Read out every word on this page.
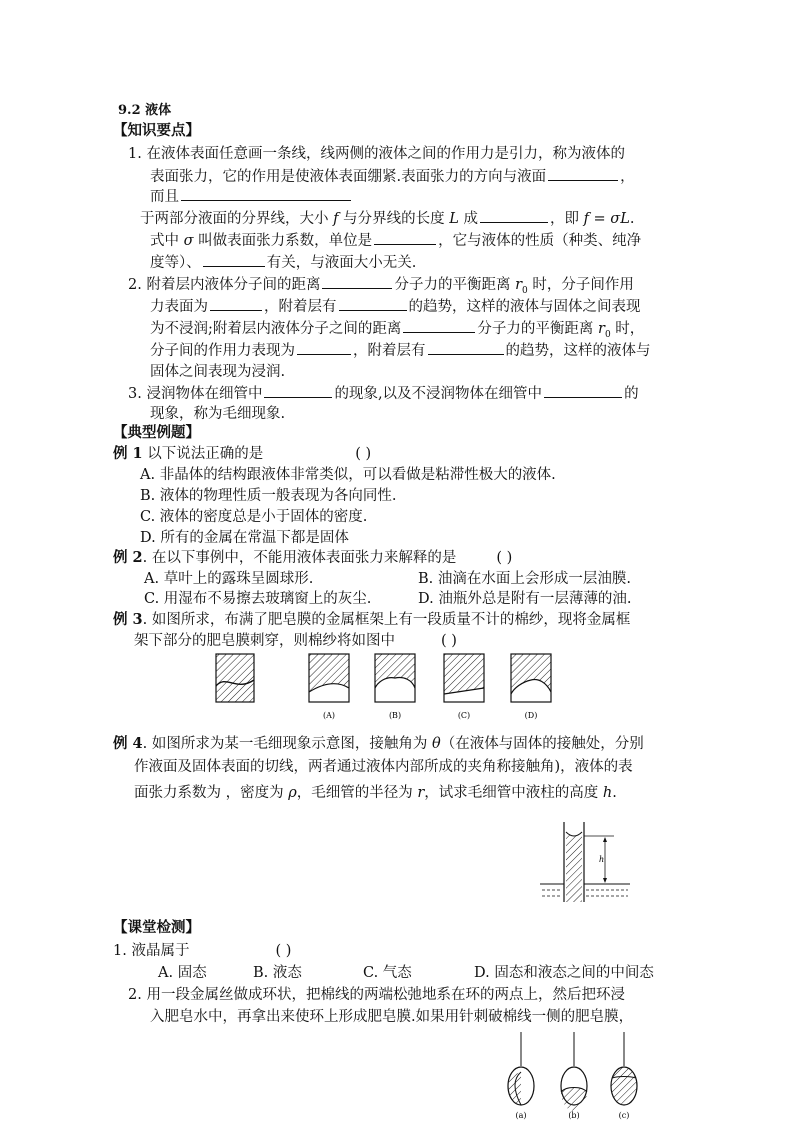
9.2 液体
【知识要点】
1. 在液体表面任意画一条线，线两侧的液体之间的作用力是引力，称为液体的
表面张力，它的作用是使液体表面绷紧.表面张力的方向与液面	，
而且
于两部分液面的分界线，大小 f 与分界线的长度 L 成	，即 f = σL.
式中 σ 叫做表面张力系数，单位是	，它与液体的性质（种类、纯净
度等）、	有关，与液面大小无关.
2. 附着层内液体分子间的距离	分子力的平衡距离 $r_0$ 时，分子间作用
力表面为	，附着层有	的趋势，这样的液体与固体之间表现
为不浸润;附着层内液体分子之间的距离	分子力的平衡距离 $r_0$ 时，
分子间的作用力表现为	，附着层有	的趋势，这样的液体与
固体之间表现为浸润.
3. 浸润物体在细管中	的现象,以及不浸润物体在细管中	的
现象，称为毛细现象.
【典型例题】
例 1 以下说法正确的是	( )
A. 非晶体的结构跟液体非常类似，可以看做是粘滞性极大的液体.
B. 液体的物理性质一般表现为各向同性.
C. 液体的密度总是小于固体的密度.
D. 所有的金属在常温下都是固体
例 2. 在以下事例中，不能用液体表面张力来解释的是	( )
A. 草叶上的露珠呈圆球形.	B. 油滴在水面上会形成一层油膜.
C. 用湿布不易擦去玻璃窗上的灰尘.	D. 油瓶外总是附有一层薄薄的油.
例 3. 如图所求，布满了肥皂膜的金属框架上有一段质量不计的棉纱，现将金属框
架下部分的肥皂膜刺穿，则棉纱将如图中	( )
(A)	(B)	(C)	(D)
例 4. 如图所求为某一毛细现象示意图，接触角为 θ（在液体与固体的接触处，分别
作液面及固体表面的切线，两者通过液体内部所成的夹角称接触角)，液体的表
面张力系数为 ，密度为 ρ，毛细管的半径为 r，试求毛细管中液柱的高度 h.
h
【课堂检测】
1. 液晶属于	( )
A. 固态	B. 液态	C. 气态	D. 固态和液态之间的中间态
2. 用一段金属丝做成环状，把棉线的两端松弛地系在环的两点上，然后把环浸
入肥皂水中，再拿出来使环上形成肥皂膜.如果用针刺破棉线一侧的肥皂膜，
(a)	(b)	(c)
